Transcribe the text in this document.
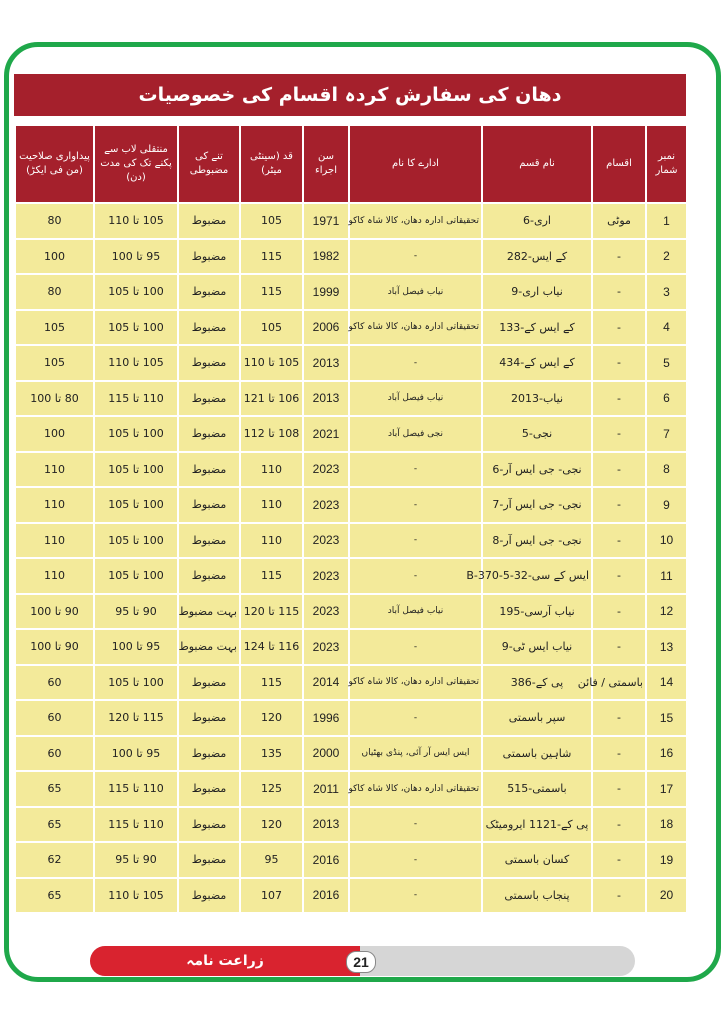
دھان کی سفارش کردہ اقسام کی خصوصیات
نمبر شمار	اقسام	نام قسم	ادارے کا نام	سن اجراء	قد (سینٹی میٹر)	تنے کی مضبوطی	منتقلی لاب سے پکنے تک کی مدت (دن)	پیداواری صلاحیت (من فی ایکڑ)
1	موٹی	اری-6	تحقیقاتی ادارہ دھان، کالا شاہ کاکو	1971	105	مضبوط	105 تا 110	80
2	-	کے ایس-282	-	1982	115	مضبوط	95 تا 100	100
3	-	نیاب اری-9	نیاب فیصل آباد	1999	115	مضبوط	100 تا 105	80
4	-	کے ایس کے-133	تحقیقاتی ادارہ دھان، کالا شاہ کاکو	2006	105	مضبوط	100 تا 105	105
5	-	کے ایس کے-434	-	2013	105 تا 110	مضبوط	105 تا 110	105
6	-	نیاب-2013	نیاب فیصل آباد	2013	106 تا 121	مضبوط	110 تا 115	80 تا 100
7	-	نجی-5	نجی فیصل آباد	2021	108 تا 112	مضبوط	100 تا 105	100
8	-	نجی- جی ایس آر-6	-	2023	110	مضبوط	100 تا 105	110
9	-	نجی- جی ایس آر-7	-	2023	110	مضبوط	100 تا 105	110
10	-	نجی- جی ایس آر-8	-	2023	110	مضبوط	100 تا 105	110
11	-	ایس کے سی-B-370-5-32	-	2023	115	مضبوط	100 تا 105	110
12	-	نیاب آرسی-195	نیاب فیصل آباد	2023	115 تا 120	بہت مضبوط	90 تا 95	90 تا 100
13	-	نیاب ایس ٹی-9	-	2023	116 تا 124	بہت مضبوط	95 تا 100	90 تا 100
14	باسمتی / فائن	پی کے-386	تحقیقاتی ادارہ دھان، کالا شاہ کاکو	2014	115	مضبوط	100 تا 105	60
15	-	سپر باسمتی	-	1996	120	مضبوط	115 تا 120	60
16	-	شاہین باسمتی	ایس ایس آر آئی، پنڈی بھٹیاں	2000	135	مضبوط	95 تا 100	60
17	-	باسمتی-515	تحقیقاتی ادارہ دھان، کالا شاہ کاکو	2011	125	مضبوط	110 تا 115	65
18	-	پی کے-1121 ایرومیٹک	-	2013	120	مضبوط	110 تا 115	65
19	-	کسان باسمتی	-	2016	95	مضبوط	90 تا 95	62
20	-	پنجاب باسمتی	-	2016	107	مضبوط	105 تا 110	65
زراعت نامہ	21
